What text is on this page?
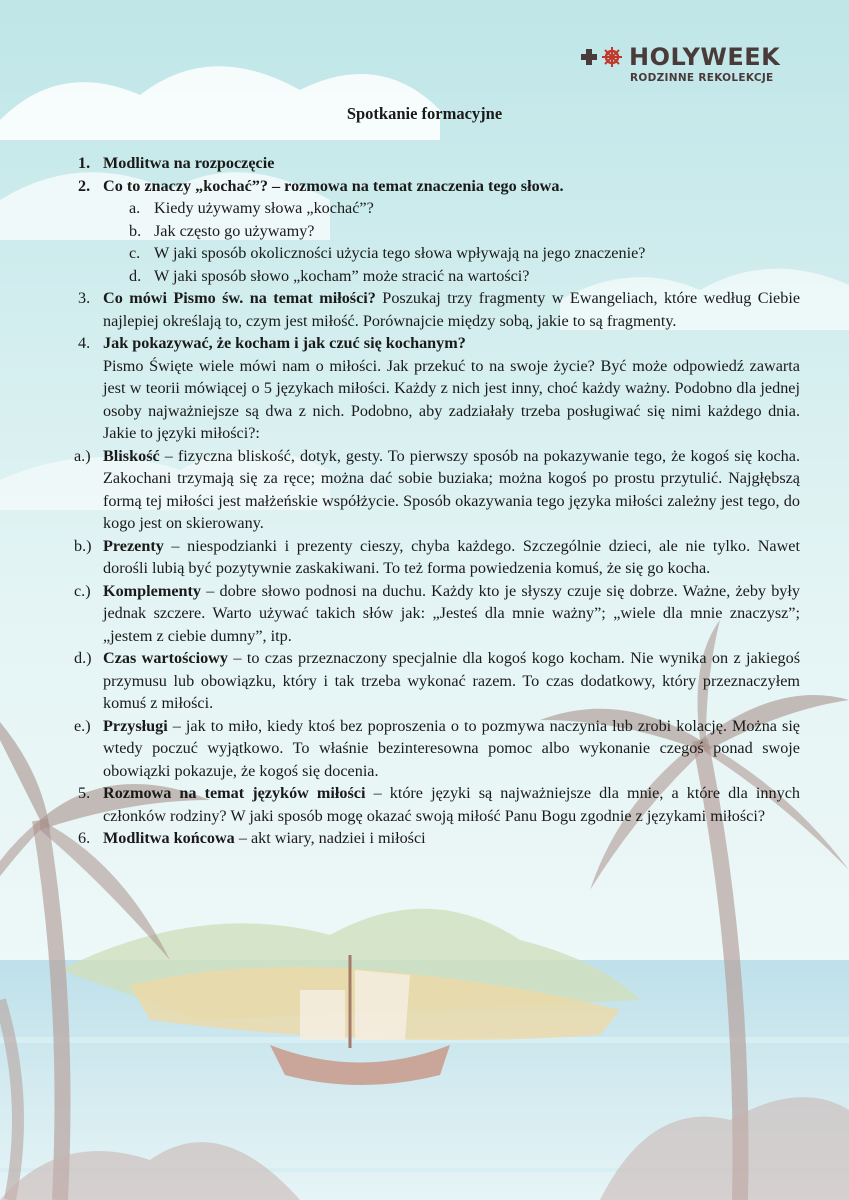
HOLYWEEK
RODZINNE REKOLEKCJE
Spotkanie formacyjne
1. Modlitwa na rozpoczęcie
2. Co to znaczy „kochać”? – rozmowa na temat znaczenia tego słowa.
a. Kiedy używamy słowa „kochać”?
b. Jak często go używamy?
c. W jaki sposób okoliczności użycia tego słowa wpływają na jego znaczenie?
d. W jaki sposób słowo „kocham” może stracić na wartości?
3. Co mówi Pismo św. na temat miłości? Poszukaj trzy fragmenty w Ewangeliach, które według Ciebie najlepiej określają to, czym jest miłość. Porównajcie między sobą, jakie to są fragmenty.
4. Jak pokazywać, że kocham i jak czuć się kochanym?
Pismo Święte wiele mówi nam o miłości. Jak przekuć to na swoje życie? Być może odpowiedź zawarta jest w teorii mówiącej o 5 językach miłości. Każdy z nich jest inny, choć każdy ważny. Podobno dla jednej osoby najważniejsze są dwa z nich. Podobno, aby zadziałały trzeba posługiwać się nimi każdego dnia. Jakie to języki miłości?:
a.) Bliskość – fizyczna bliskość, dotyk, gesty. To pierwszy sposób na pokazywanie tego, że kogoś się kocha. Zakochani trzymają się za ręce; można dać sobie buziaka; można kogoś po prostu przytulić. Najgłębszą formą tej miłości jest małżeńskie współżycie. Sposób okazywania tego języka miłości zależny jest tego, do kogo jest on skierowany.
b.) Prezenty – niespodzianki i prezenty cieszy, chyba każdego. Szczególnie dzieci, ale nie tylko. Nawet dorośli lubią być pozytywnie zaskakiwani. To też forma powiedzenia komuś, że się go kocha.
c.) Komplementy – dobre słowo podnosi na duchu. Każdy kto je słyszy czuje się dobrze. Ważne, żeby były jednak szczere. Warto używać takich słów jak: „Jesteś dla mnie ważny”; „wiele dla mnie znaczysz”; „jestem z ciebie dumny”, itp.
d.) Czas wartościowy – to czas przeznaczony specjalnie dla kogoś kogo kocham. Nie wynika on z jakiegoś przymusu lub obowiązku, który i tak trzeba wykonać razem. To czas dodatkowy, który przeznaczyłem komuś z miłości.
e.) Przysługi – jak to miło, kiedy ktoś bez poproszenia o to pozmywa naczynia lub zrobi kolację. Można się wtedy poczuć wyjątkowo. To właśnie bezinteresowna pomoc albo wykonanie czegoś ponad swoje obowiązki pokazuje, że kogoś się docenia.
5. Rozmowa na temat języków miłości – które języki są najważniejsze dla mnie, a które dla innych członków rodziny? W jaki sposób mogę okazać swoją miłość Panu Bogu zgodnie z językami miłości?
6. Modlitwa końcowa – akt wiary, nadziei i miłości
